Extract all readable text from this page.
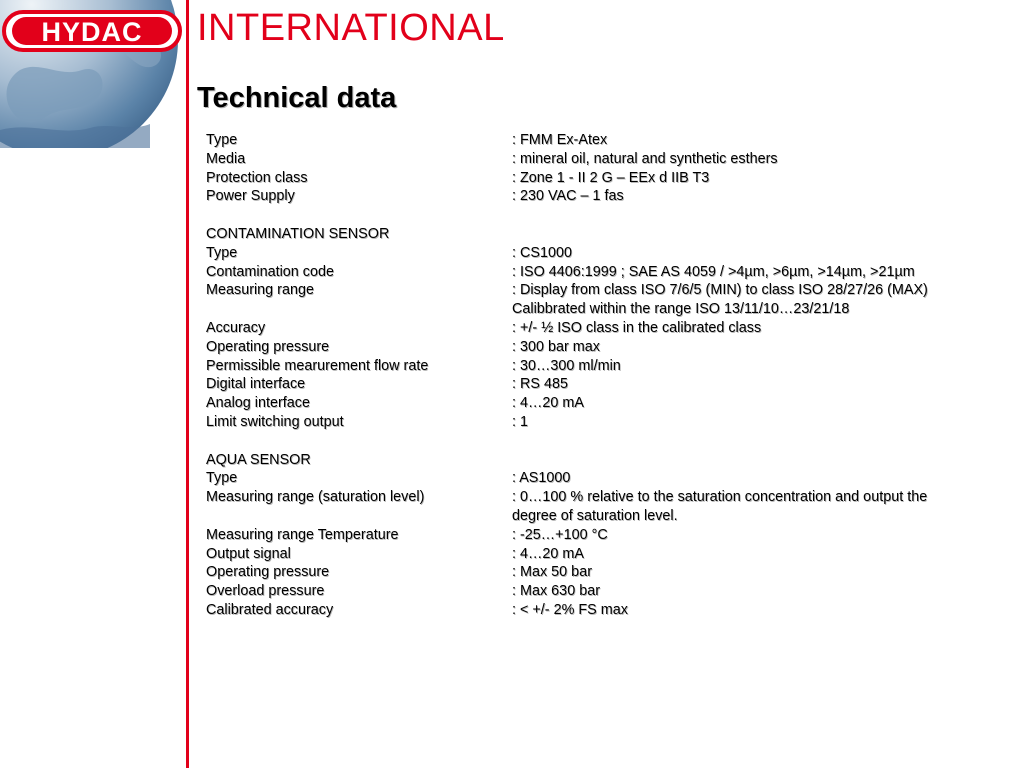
HYDAC INTERNATIONAL
Technical data
Type	: FMM Ex-Atex
Media	: mineral oil, natural and synthetic esthers
Protection class	: Zone 1 - II 2 G – EEx d IIB T3
Power Supply	: 230 VAC – 1 fas
CONTAMINATION SENSOR
Type	: CS1000
Contamination code	: ISO 4406:1999 ; SAE AS 4059 / >4µm, >6µm, >14µm, >21µm
Measuring range	: Display from class ISO 7/6/5 (MIN) to class ISO 28/27/26 (MAX)
Calibbrated within the range ISO 13/11/10…23/21/18
Accuracy	: +/- ½ ISO class in the calibrated class
Operating pressure	: 300 bar max
Permissible mearurement flow rate	: 30…300 ml/min
Digital interface	: RS 485
Analog interface	: 4…20 mA
Limit switching output	: 1
AQUA SENSOR
Type	: AS1000
Measuring range (saturation level)	: 0…100 % relative to the saturation concentration and output the
degree of saturation level.
Measuring range Temperature	: -25…+100 °C
Output signal	: 4…20 mA
Operating pressure	: Max 50 bar
Overload pressure	: Max 630 bar
Calibrated accuracy	: < +/- 2% FS max
